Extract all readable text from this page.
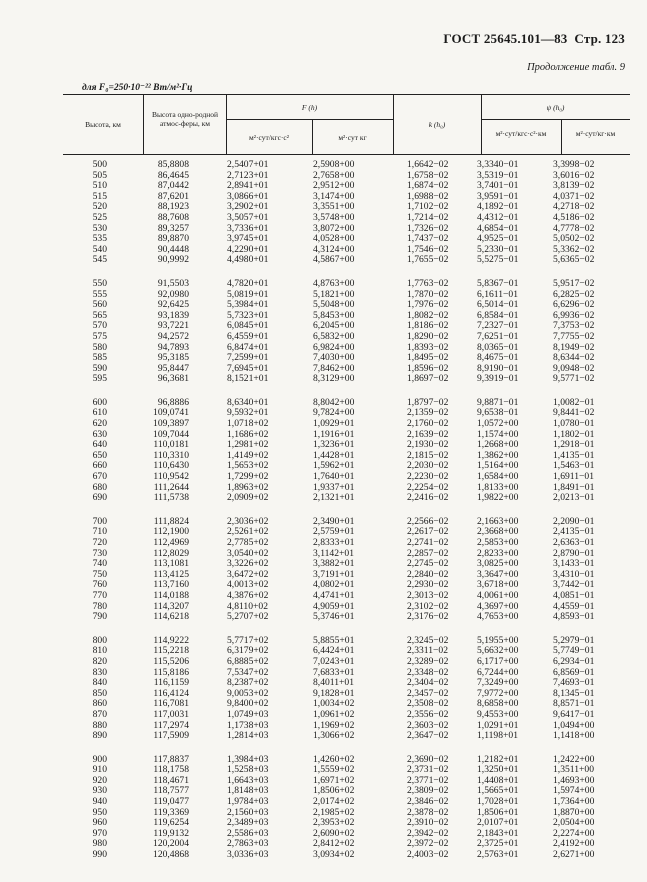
ГОСТ 25645.101—83 Стр. 123
Продолжение табл. 9
для F₀=250·10⁻²² Вт/м²·Гц
Высота, км
Высота одно-родной атмос-феры, км
F (h)
м²·сут/кгс·с²	м²·сут кг
k (h₀)
ψ (h₀)
м²·сут/кгс·с²·км	м²·сут/кг·км
500	85,8808	2,5407+01	2,5908+00	1,6642−02	3,3340−01	3,3998−02
505	86,4645	2,7123+01	2,7658+00	1,6758−02	3,5319−01	3,6016−02
510	87,0442	2,8941+01	2,9512+00	1,6874−02	3,7401−01	3,8139−02
515	87,6201	3,0866+01	3,1474+00	1,6988−02	3,9591−01	4,0371−02
520	88,1923	3,2902+01	3,3551+00	1,7102−02	4,1892−01	4,2718−02
525	88,7608	3,5057+01	3,5748+00	1,7214−02	4,4312−01	4,5186−02
530	89,3257	3,7336+01	3,8072+00	1,7326−02	4,6854−01	4,7778−02
535	89,8870	3,9745+01	4,0528+00	1,7437−02	4,9525−01	5,0502−02
540	90,4448	4,2290+01	4,3124+00	1,7546−02	5,2330−01	5,3362−02
545	90,9992	4,4980+01	4,5867+00	1,7655−02	5,5275−01	5,6365−02
550	91,5503	4,7820+01	4,8763+00	1,7763−02	5,8367−01	5,9517−02
555	92,0980	5,0819+01	5,1821+00	1,7870−02	6,1611−01	6,2825−02
560	92,6425	5,3984+01	5,5048+00	1,7976−02	6,5014−01	6,6296−02
565	93,1839	5,7323+01	5,8453+00	1,8082−02	6,8584−01	6,9936−02
570	93,7221	6,0845+01	6,2045+00	1,8186−02	7,2327−01	7,3753−02
575	94,2572	6,4559+01	6,5832+00	1,8290−02	7,6251−01	7,7755−02
580	94,7893	6,8474+01	6,9824+00	1,8393−02	8,0365−01	8,1949−02
585	95,3185	7,2599+01	7,4030+00	1,8495−02	8,4675−01	8,6344−02
590	95,8447	7,6945+01	7,8462+00	1,8596−02	8,9190−01	9,0948−02
595	96,3681	8,1521+01	8,3129+00	1,8697−02	9,3919−01	9,5771−02
600	96,8886	8,6340+01	8,8042+00	1,8797−02	9,8871−01	1,0082−01
610	109,0741	9,5932+01	9,7824+00	2,1359−02	9,6538−01	9,8441−02
620	109,3897	1,0718+02	1,0929+01	2,1760−02	1,0572+00	1,0780−01
630	109,7044	1,1686+02	1,1916+01	2,1639−02	1,1574+00	1,1802−01
640	110,0181	1,2981+02	1,3236+01	2,1930−02	1,2668+00	1,2918−01
650	110,3310	1,4149+02	1,4428+01	2,1815−02	1,3862+00	1,4135−01
660	110,6430	1,5653+02	1,5962+01	2,2030−02	1,5164+00	1,5463−01
670	110,9542	1,7299+02	1,7640+01	2,2230−02	1,6584+00	1,6911−01
680	111,2644	1,8963+02	1,9337+01	2,2254−02	1,8133+00	1,8491−01
690	111,5738	2,0909+02	2,1321+01	2,2416−02	1,9822+00	2,0213−01
700	111,8824	2,3036+02	2,3490+01	2,2566−02	2,1663+00	2,2090−01
710	112,1900	2,5261+02	2,5759+01	2,2617−02	2,3668+00	2,4135−01
720	112,4969	2,7785+02	2,8333+01	2,2741−02	2,5853+00	2,6363−01
730	112,8029	3,0540+02	3,1142+01	2,2857−02	2,8233+00	2,8790−01
740	113,1081	3,3226+02	3,3882+01	2,2745−02	3,0825+00	3,1433−01
750	113,4125	3,6472+02	3,7191+01	2,2840−02	3,3647+00	3,4310−01
760	113,7160	4,0013+02	4,0802+01	2,2930−02	3,6718+00	3,7442−01
770	114,0188	4,3876+02	4,4741+01	2,3013−02	4,0061+00	4,0851−01
780	114,3207	4,8110+02	4,9059+01	2,3102−02	4,3697+00	4,4559−01
790	114,6218	5,2707+02	5,3746+01	2,3176−02	4,7653+00	4,8593−01
800	114,9222	5,7717+02	5,8855+01	2,3245−02	5,1955+00	5,2979−01
810	115,2218	6,3179+02	6,4424+01	2,3311−02	5,6632+00	5,7749−01
820	115,5206	6,8885+02	7,0243+01	2,3289−02	6,1717+00	6,2934−01
830	115,8186	7,5347+02	7,6833+01	2,3348−02	6,7244+00	6,8569−01
840	116,1159	8,2387+02	8,4011+01	2,3404−02	7,3249+00	7,4693−01
850	116,4124	9,0053+02	9,1828+01	2,3457−02	7,9772+00	8,1345−01
860	116,7081	9,8400+02	1,0034+02	2,3508−02	8,6858+00	8,8571−01
870	117,0031	1,0749+03	1,0961+02	2,3556−02	9,4553+00	9,6417−01
880	117,2974	1,1738+03	1,1969+02	2,3603−02	1,0291+01	1,0494+00
890	117,5909	1,2814+03	1,3066+02	2,3647−02	1,1198+01	1,1418+00
900	117,8837	1,3984+03	1,4260+02	2,3690−02	1,2182+01	1,2422+00
910	118,1758	1,5258+03	1,5559+02	2,3731−02	1,3250+01	1,3511+00
920	118,4671	1,6643+03	1,6971+02	2,3771−02	1,4408+01	1,4693+00
930	118,7577	1,8148+03	1,8506+02	2,3809−02	1,5665+01	1,5974+00
940	119,0477	1,9784+03	2,0174+02	2,3846−02	1,7028+01	1,7364+00
950	119,3369	2,1560+03	2,1985+02	2,3878−02	1,8506+01	1,8870+00
960	119,6254	2,3489+03	2,3953+02	2,3910−02	2,0107+01	2,0504+00
970	119,9132	2,5586+03	2,6090+02	2,3942−02	2,1843+01	2,2274+00
980	120,2004	2,7863+03	2,8412+02	2,3972−02	2,3725+01	2,4192+00
990	120,4868	3,0336+03	3,0934+02	2,4003−02	2,5763+01	2,6271+00
